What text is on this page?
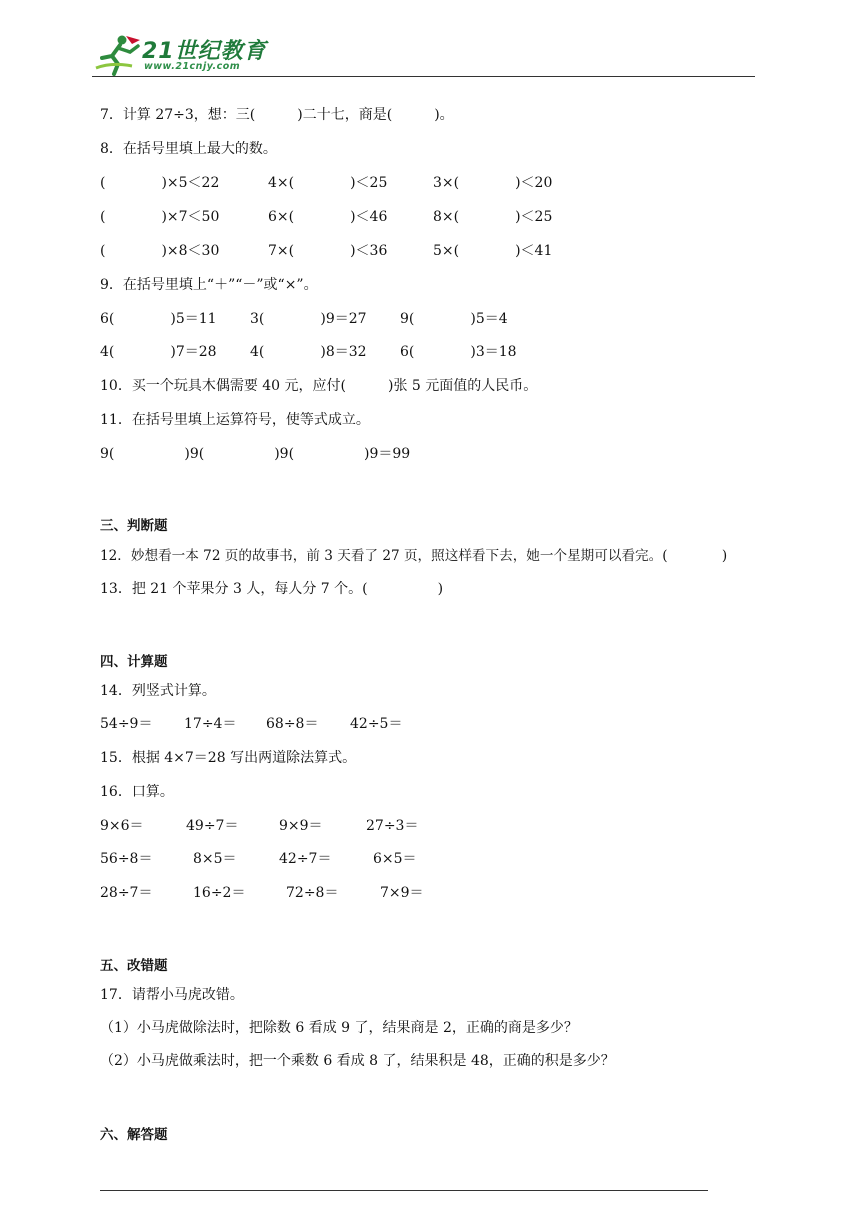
21世纪教育
www.21cnjy.com
7．计算 27÷3，想：三(　　　)二十七，商是(　　　)。
8．在括号里填上最大的数。
(　　　　)×5＜22	4×(　　　　)＜25	3×(　　　　)＜20
(　　　　)×7＜50	6×(　　　　)＜46	8×(　　　　)＜25
(　　　　)×8＜30	7×(　　　　)＜36	5×(　　　　)＜41
9．在括号里填上“＋”“－”或“×”。
6(　　　　)5＝11 3(　　　　)9＝27 9(　　　　)5＝4
4(　　　　)7＝28 4(　　　　)8＝32 6(　　　　)3＝18
10．买一个玩具木偶需要 40 元，应付(　　　)张 5 元面值的人民币。
11．在括号里填上运算符号，使等式成立。
9(　　　　　)9(　　　　　)9(　　　　　)9＝99
三、判断题
12．妙想看一本 72 页的故事书，前 3 天看了 27 页，照这样看下去，她一个星期可以看完。(　　　　)
13．把 21 个苹果分 3 人，每人分 7 个。(　　　　　)
四、计算题
14．列竖式计算。
54÷9＝ 17÷4＝ 68÷8＝ 42÷5＝
15．根据 4×7＝28 写出两道除法算式。
16．口算。
9×6＝	49÷7＝	9×9＝	27÷3＝
56÷8＝	8×5＝	42÷7＝	6×5＝
28÷7＝	16÷2＝	72÷8＝	7×9＝
五、改错题
17．请帮小马虎改错。
（1）小马虎做除法时，把除数 6 看成 9 了，结果商是 2，正确的商是多少？
（2）小马虎做乘法时，把一个乘数 6 看成 8 了，结果积是 48，正确的积是多少？
六、解答题
